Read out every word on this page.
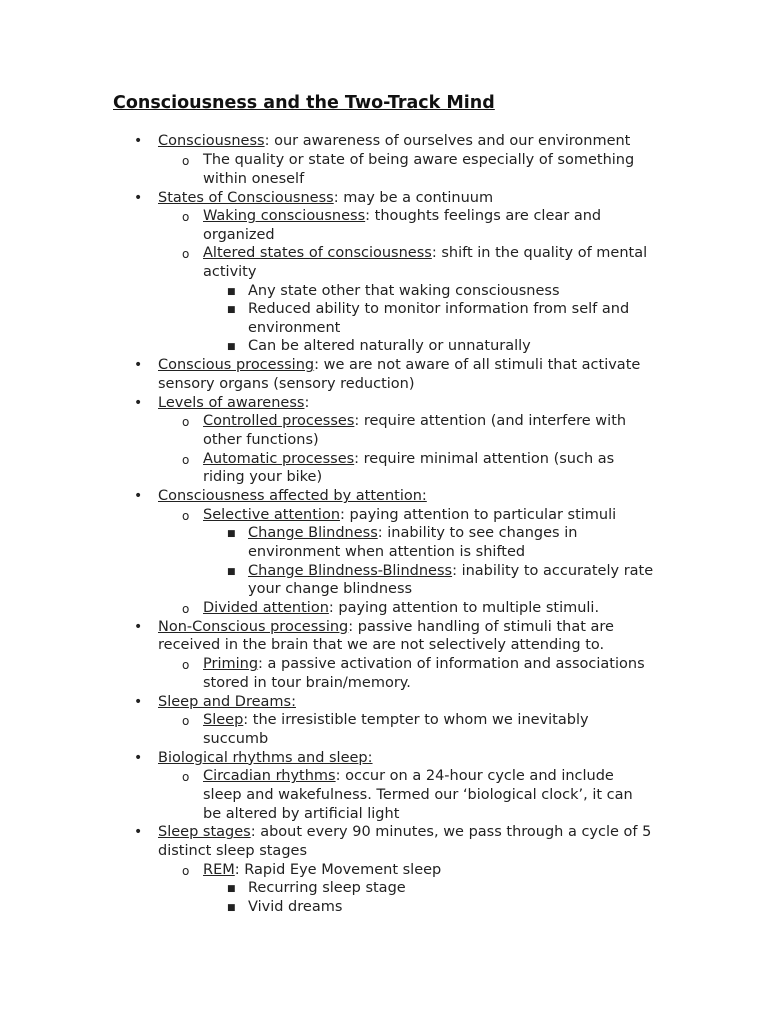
Consciousness and the Two-Track Mind
• Consciousness: our awareness of ourselves and our environment
o The quality or state of being aware especially of something within oneself
• States of Consciousness: may be a continuum
o Waking consciousness: thoughts feelings are clear and organized
o Altered states of consciousness: shift in the quality of mental activity
■ Any state other that waking consciousness
■ Reduced ability to monitor information from self and environment
■ Can be altered naturally or unnaturally
• Conscious processing: we are not aware of all stimuli that activate sensory organs (sensory reduction)
• Levels of awareness:
o Controlled processes: require attention (and interfere with other functions)
o Automatic processes: require minimal attention (such as riding your bike)
• Consciousness affected by attention:
o Selective attention: paying attention to particular stimuli
■ Change Blindness: inability to see changes in environment when attention is shifted
■ Change Blindness-Blindness: inability to accurately rate your change blindness
o Divided attention: paying attention to multiple stimuli.
• Non-Conscious processing: passive handling of stimuli that are received in the brain that we are not selectively attending to.
o Priming: a passive activation of information and associations stored in tour brain/memory.
• Sleep and Dreams:
o Sleep: the irresistible tempter to whom we inevitably succumb
• Biological rhythms and sleep:
o Circadian rhythms: occur on a 24-hour cycle and include sleep and wakefulness. Termed our ‘biological clock’, it can be altered by artificial light
• Sleep stages: about every 90 minutes, we pass through a cycle of 5 distinct sleep stages
o REM: Rapid Eye Movement sleep
■ Recurring sleep stage
■ Vivid dreams
